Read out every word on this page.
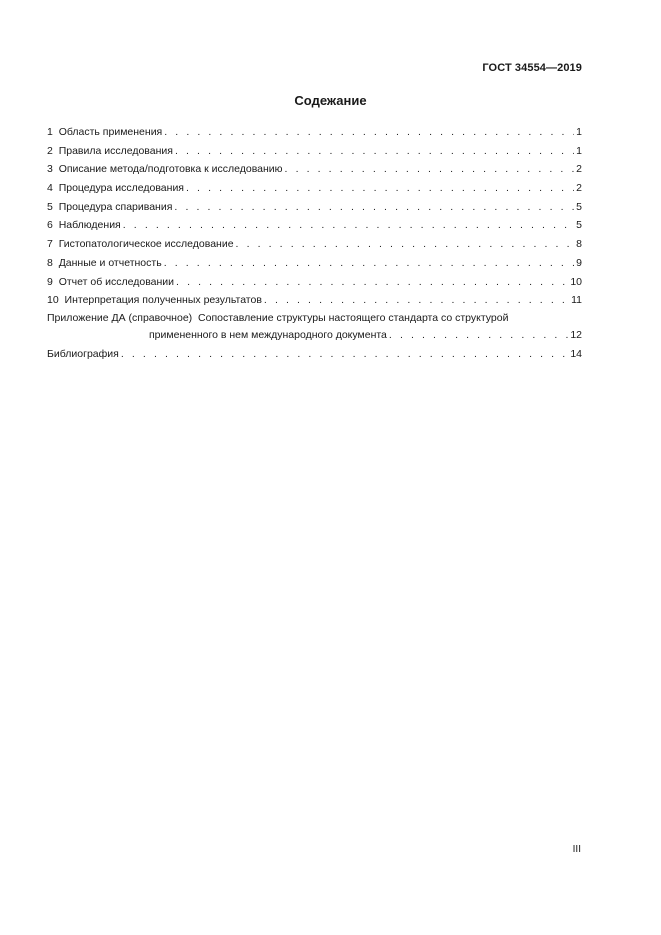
ГОСТ 34554—2019
Содежание
1 Область применения . . .	1
2 Правила исследования . . .	1
3 Описание метода/подготовка к исследованию . . .	2
4 Процедура исследования . . .	2
5 Процедура спаривания . . .	5
6 Наблюдения . . .	5
7 Гистопатологическое исследование . . .	8
8 Данные и отчетность . . .	9
9 Отчет об исследовании . . .	10
10 Интерпретация полученных результатов . . .	11
Приложение ДА (справочное) Сопоставление структуры настоящего стандарта со структурой
примененного в нем международного документа . . .	12
Библиография . . .	14
III
